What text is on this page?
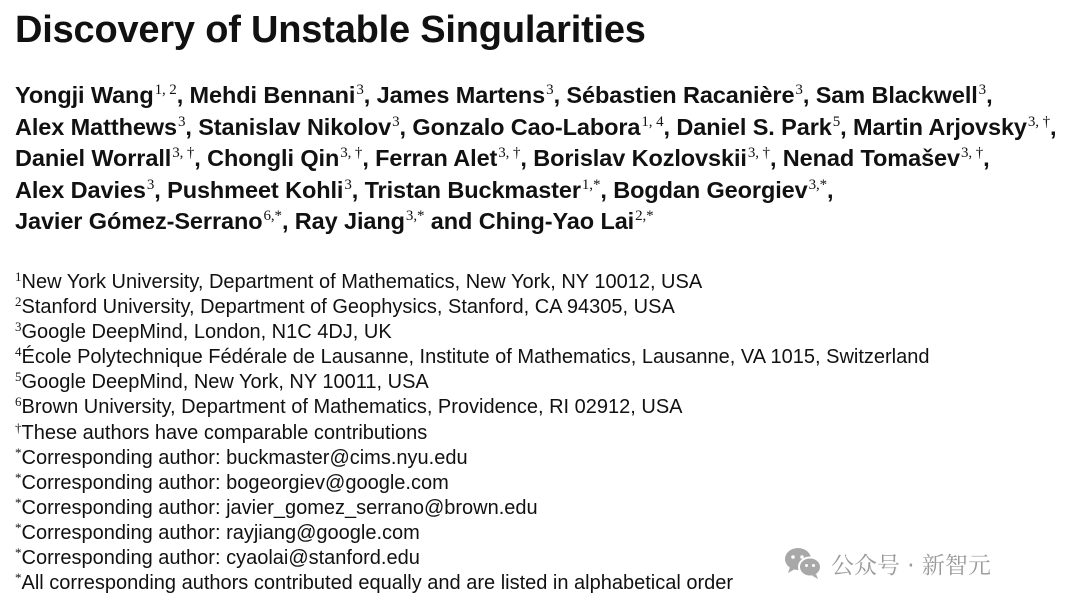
Discovery of Unstable Singularities
Yongji Wang$^{1, 2}$, Mehdi Bennani$^3$, James Martens$^3$, Sébastien Racanière$^3$, Sam Blackwell$^3$, Alex Matthews$^3$, Stanislav Nikolov$^3$, Gonzalo Cao-Labora$^{1, 4}$, Daniel S. Park$^5$, Martin Arjovsky$^{3, \dagger}$, Daniel Worrall$^{3, \dagger}$, Chongli Qin$^{3, \dagger}$, Ferran Alet$^{3, \dagger}$, Borislav Kozlovskii$^{3, \dagger}$, Nenad Tomašev$^{3, \dagger}$, Alex Davies$^3$, Pushmeet Kohli$^3$, Tristan Buckmaster$^{1,*}$, Bogdan Georgiev$^{3,*}$, Javier Gómez-Serrano$^{6,*}$, Ray Jiang$^{3,*}$ and Ching-Yao Lai$^{2,*}$
$^1$New York University, Department of Mathematics, New York, NY 10012, USA
$^2$Stanford University, Department of Geophysics, Stanford, CA 94305, USA
$^3$Google DeepMind, London, N1C 4DJ, UK
$^4$École Polytechnique Fédérale de Lausanne, Institute of Mathematics, Lausanne, VA 1015, Switzerland
$^5$Google DeepMind, New York, NY 10011, USA
$^6$Brown University, Department of Mathematics, Providence, RI 02912, USA
†These authors have comparable contributions
*Corresponding author: buckmaster@cims.nyu.edu
*Corresponding author: bogeorgiev@google.com
*Corresponding author: javier_gomez_serrano@brown.edu
*Corresponding author: rayjiang@google.com
*Corresponding author: cyaolai@stanford.edu
*All corresponding authors contributed equally and are listed in alphabetical order
公众号 · 新智元
